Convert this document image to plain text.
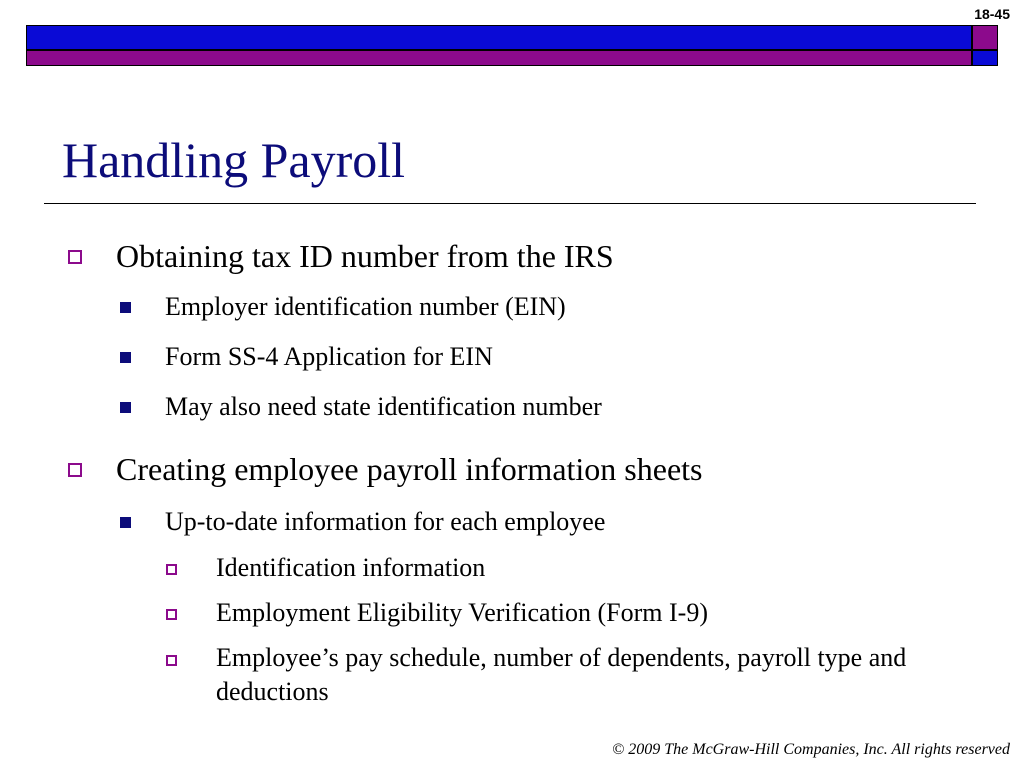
18-45
Handling Payroll
Obtaining tax ID number from the IRS
Employer identification number (EIN)
Form SS-4 Application for EIN
May also need state identification number
Creating employee payroll information sheets
Up-to-date information for each employee
Identification information
Employment Eligibility Verification (Form I-9)
Employee’s pay schedule, number of dependents, payroll type and deductions
© 2009 The McGraw-Hill Companies, Inc. All rights reserved
